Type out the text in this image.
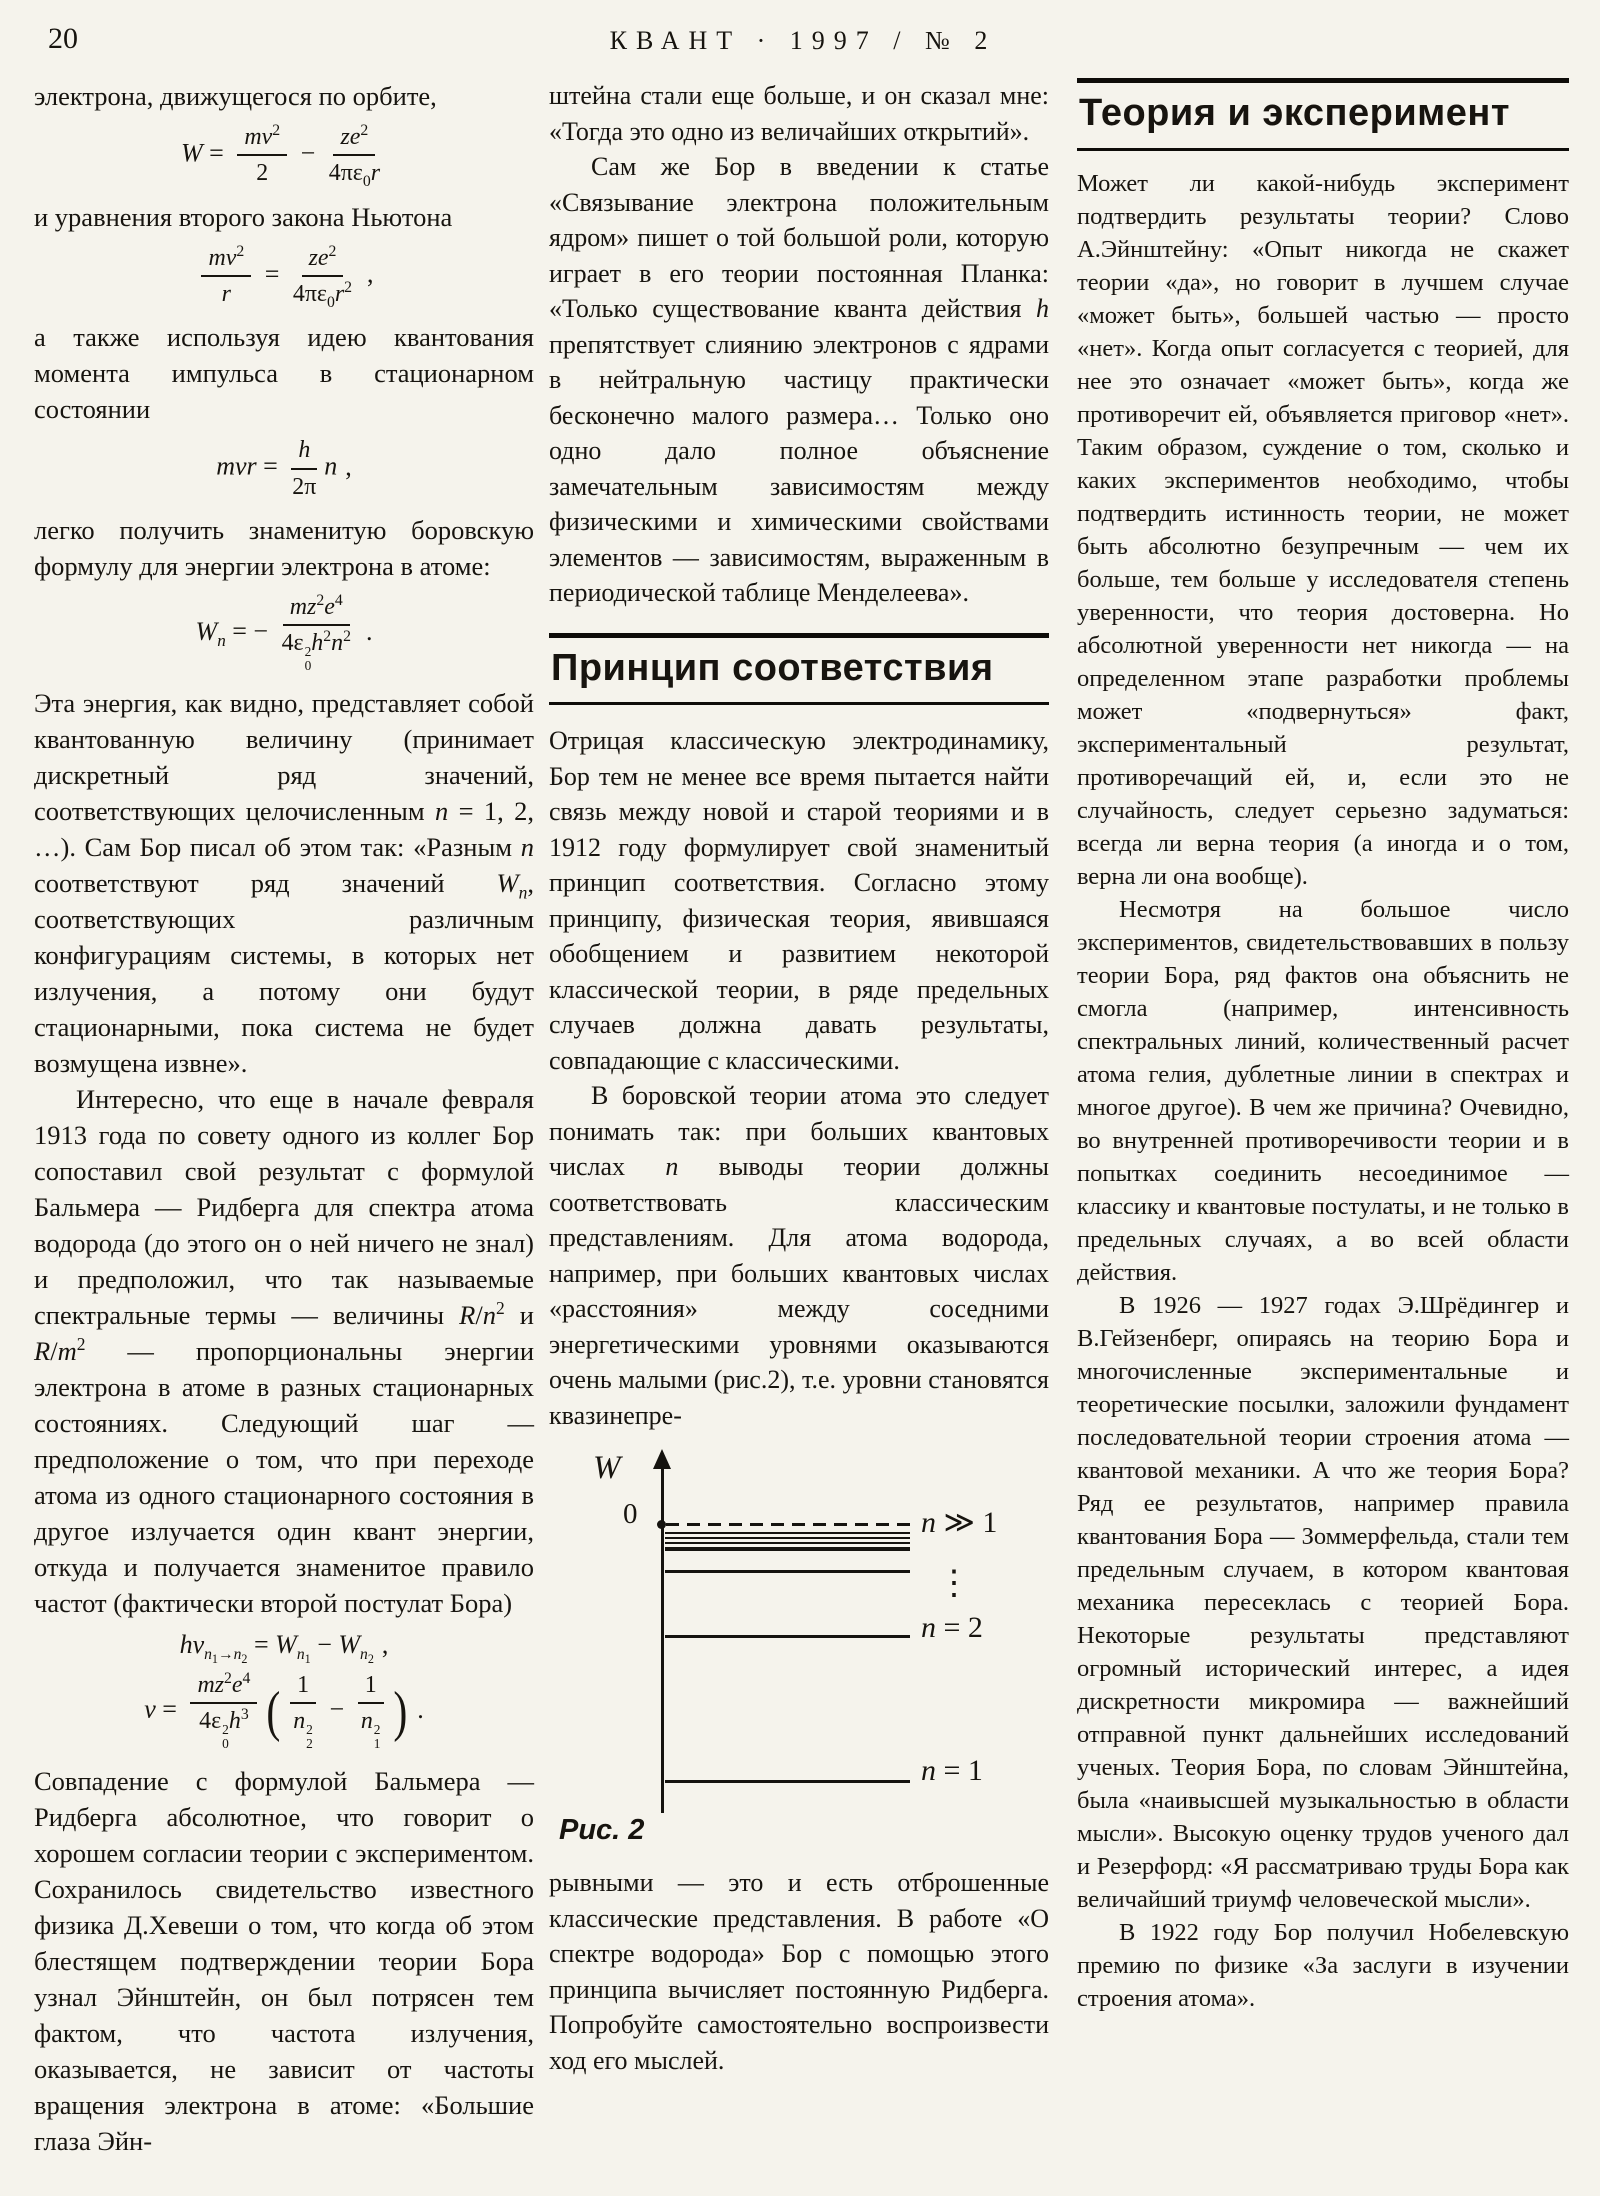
20	КВАНТ · 1997 / № 2

электрона, движущегося по орбите,

$W = \frac{mv^2}{2} - \frac{ze^2}{4\pi\varepsilon_0r}$

и уравнения второго закона Ньютона

$\frac{mv^2}{r} = \frac{ze^2}{4\pi\varepsilon_0r^2}$ ,

а также используя идею квантования момента импульса в стационарном состоянии

mvr = $\frac{h}{2\pi}$ n ,

легко получить знаменитую боровскую формулу для энергии электрона в атоме:

$W_n$ = − $mz^2e^4$
4ε 2
0
$h^2n^2$ .

Эта энергия, как видно, представляет собой квантованную величину (принимает дискретный ряд значений, соответствующих целочисленным n = 1, 2, …). Сам Бор писал об этом так: «Разным n соответствуют ряд значений $W_n$, соответствующих различным конфигурациям системы, в которых нет излучения, а потому они будут стационарными, пока система не будет возмущена извне».

Интересно, что еще в начале февраля 1913 года по совету одного из коллег Бор сопоставил свой результат с формулой Бальмера — Ридберга для спектра атома водорода (до этого он о ней ничего не знал) и предположил, что так называемые спектральные термы — величины $R/n^2$ и $R/m^2$ — пропорциональны энергии электрона в атоме в разных стационарных состояниях. Следующий шаг — предположение о том, что при переходе атома из одного стационарного состояния в другое излучается один квант энергии, откуда и получается знаменитое правило частот (фактически второй постулат Бора)

$h\nu_{n_1\to n_2} = W_{n_1} - W_{n_2}$,
$\nu = mz^2e^4$
4ε 2
0
$h^3$ ( 1
n 2
2 − 1
n 2
1 ) .

Совпадение с формулой Бальмера — Ридберга абсолютное, что говорит о хорошем согласии теории с экспериментом. Сохранилось свидетельство известного физика Д.Хевеши о том, что когда об этом блестящем подтверждении теории Бора узнал Эйнштейн, он был потрясен тем фактом, что частота излучения, оказывается, не зависит от частоты вращения электрона в атоме: «Большие глаза Эйн-

штейна стали еще больше, и он сказал мне: «Тогда это одно из величайших открытий».

Сам же Бор в введении к статье «Связывание электрона положительным ядром» пишет о той большой роли, которую играет в его теории постоянная Планка: «Только существование кванта действия h препятствует слиянию электронов с ядрами в нейтральную частицу практически бесконечно малого размера… Только оно одно дало полное объяснение замечательным зависимостям между физическими и химическими свойствами элементов — зависимостям, выраженным в периодической таблице Менделеева».

Принцип соответствия

Отрицая классическую электродинамику, Бор тем не менее все время пытается найти связь между новой и старой теориями и в 1912 году формулирует свой знаменитый принцип соответствия. Согласно этому принципу, физическая теория, явившаяся обобщением и развитием некоторой классической теории, в ряде предельных случаев должна давать результаты, совпадающие с классическими.

В боровской теории атома это следует понимать так: при больших квантовых числах n выводы теории должны соответствовать классическим представлениям. Для атома водорода, например, при больших квантовых числах «расстояния» между соседними энергетическими уровнями оказываются очень малыми (рис.2), т.е. уровни становятся квазинепре-

W
0	n ≫ 1
⋮
n = 2
n = 1
Рис. 2

рывными — это и есть отброшенные классические представления. В работе «О спектре водорода» Бор с помощью этого принципа вычисляет постоянную Ридберга. Попробуйте самостоятельно воспроизвести ход его мыслей.

Теория и эксперимент

Может ли какой-нибудь эксперимент подтвердить результаты теории? Слово А.Эйнштейну: «Опыт никогда не скажет теории «да», но говорит в лучшем случае «может быть», большей частью — просто «нет». Когда опыт согласуется с теорией, для нее это означает «может быть», когда же противоречит ей, объявляется приговор «нет». Таким образом, суждение о том, сколько и каких экспериментов необходимо, чтобы подтвердить истинность теории, не может быть абсолютно безупречным — чем их больше, тем больше у исследователя степень уверенности, что теория достоверна. Но абсолютной уверенности нет никогда — на определенном этапе разработки проблемы может «подвернуться» факт, экспериментальный результат, противоречащий ей, и, если это не случайность, следует серьезно задуматься: всегда ли верна теория (а иногда и о том, верна ли она вообще).

Несмотря на большое число экспериментов, свидетельствовавших в пользу теории Бора, ряд фактов она объяснить не смогла (например, интенсивность спектральных линий, количественный расчет атома гелия, дублетные линии в спектрах и многое другое). В чем же причина? Очевидно, во внутренней противоречивости теории и в попытках соединить несоединимое — классику и квантовые постулаты, и не только в предельных случаях, а во всей области действия.

В 1926 — 1927 годах Э.Шрёдингер и В.Гейзенберг, опираясь на теорию Бора и многочисленные экспериментальные и теоретические посылки, заложили фундамент последовательной теории строения атома — квантовой механики. А что же теория Бора? Ряд ее результатов, например правила квантования Бора — Зоммерфельда, стали тем предельным случаем, в котором квантовая механика пересеклась с теорией Бора. Некоторые результаты представляют огромный исторический интерес, а идея дискретности микромира — важнейший отправной пункт дальнейших исследований ученых. Теория Бора, по словам Эйнштейна, была «наивысшей музыкальностью в области мысли». Высокую оценку трудов ученого дал и Резерфорд: «Я рассматриваю труды Бора как величайший триумф человеческой мысли».

В 1922 году Бор получил Нобелевскую премию по физике «За заслуги в изучении строения атома».
